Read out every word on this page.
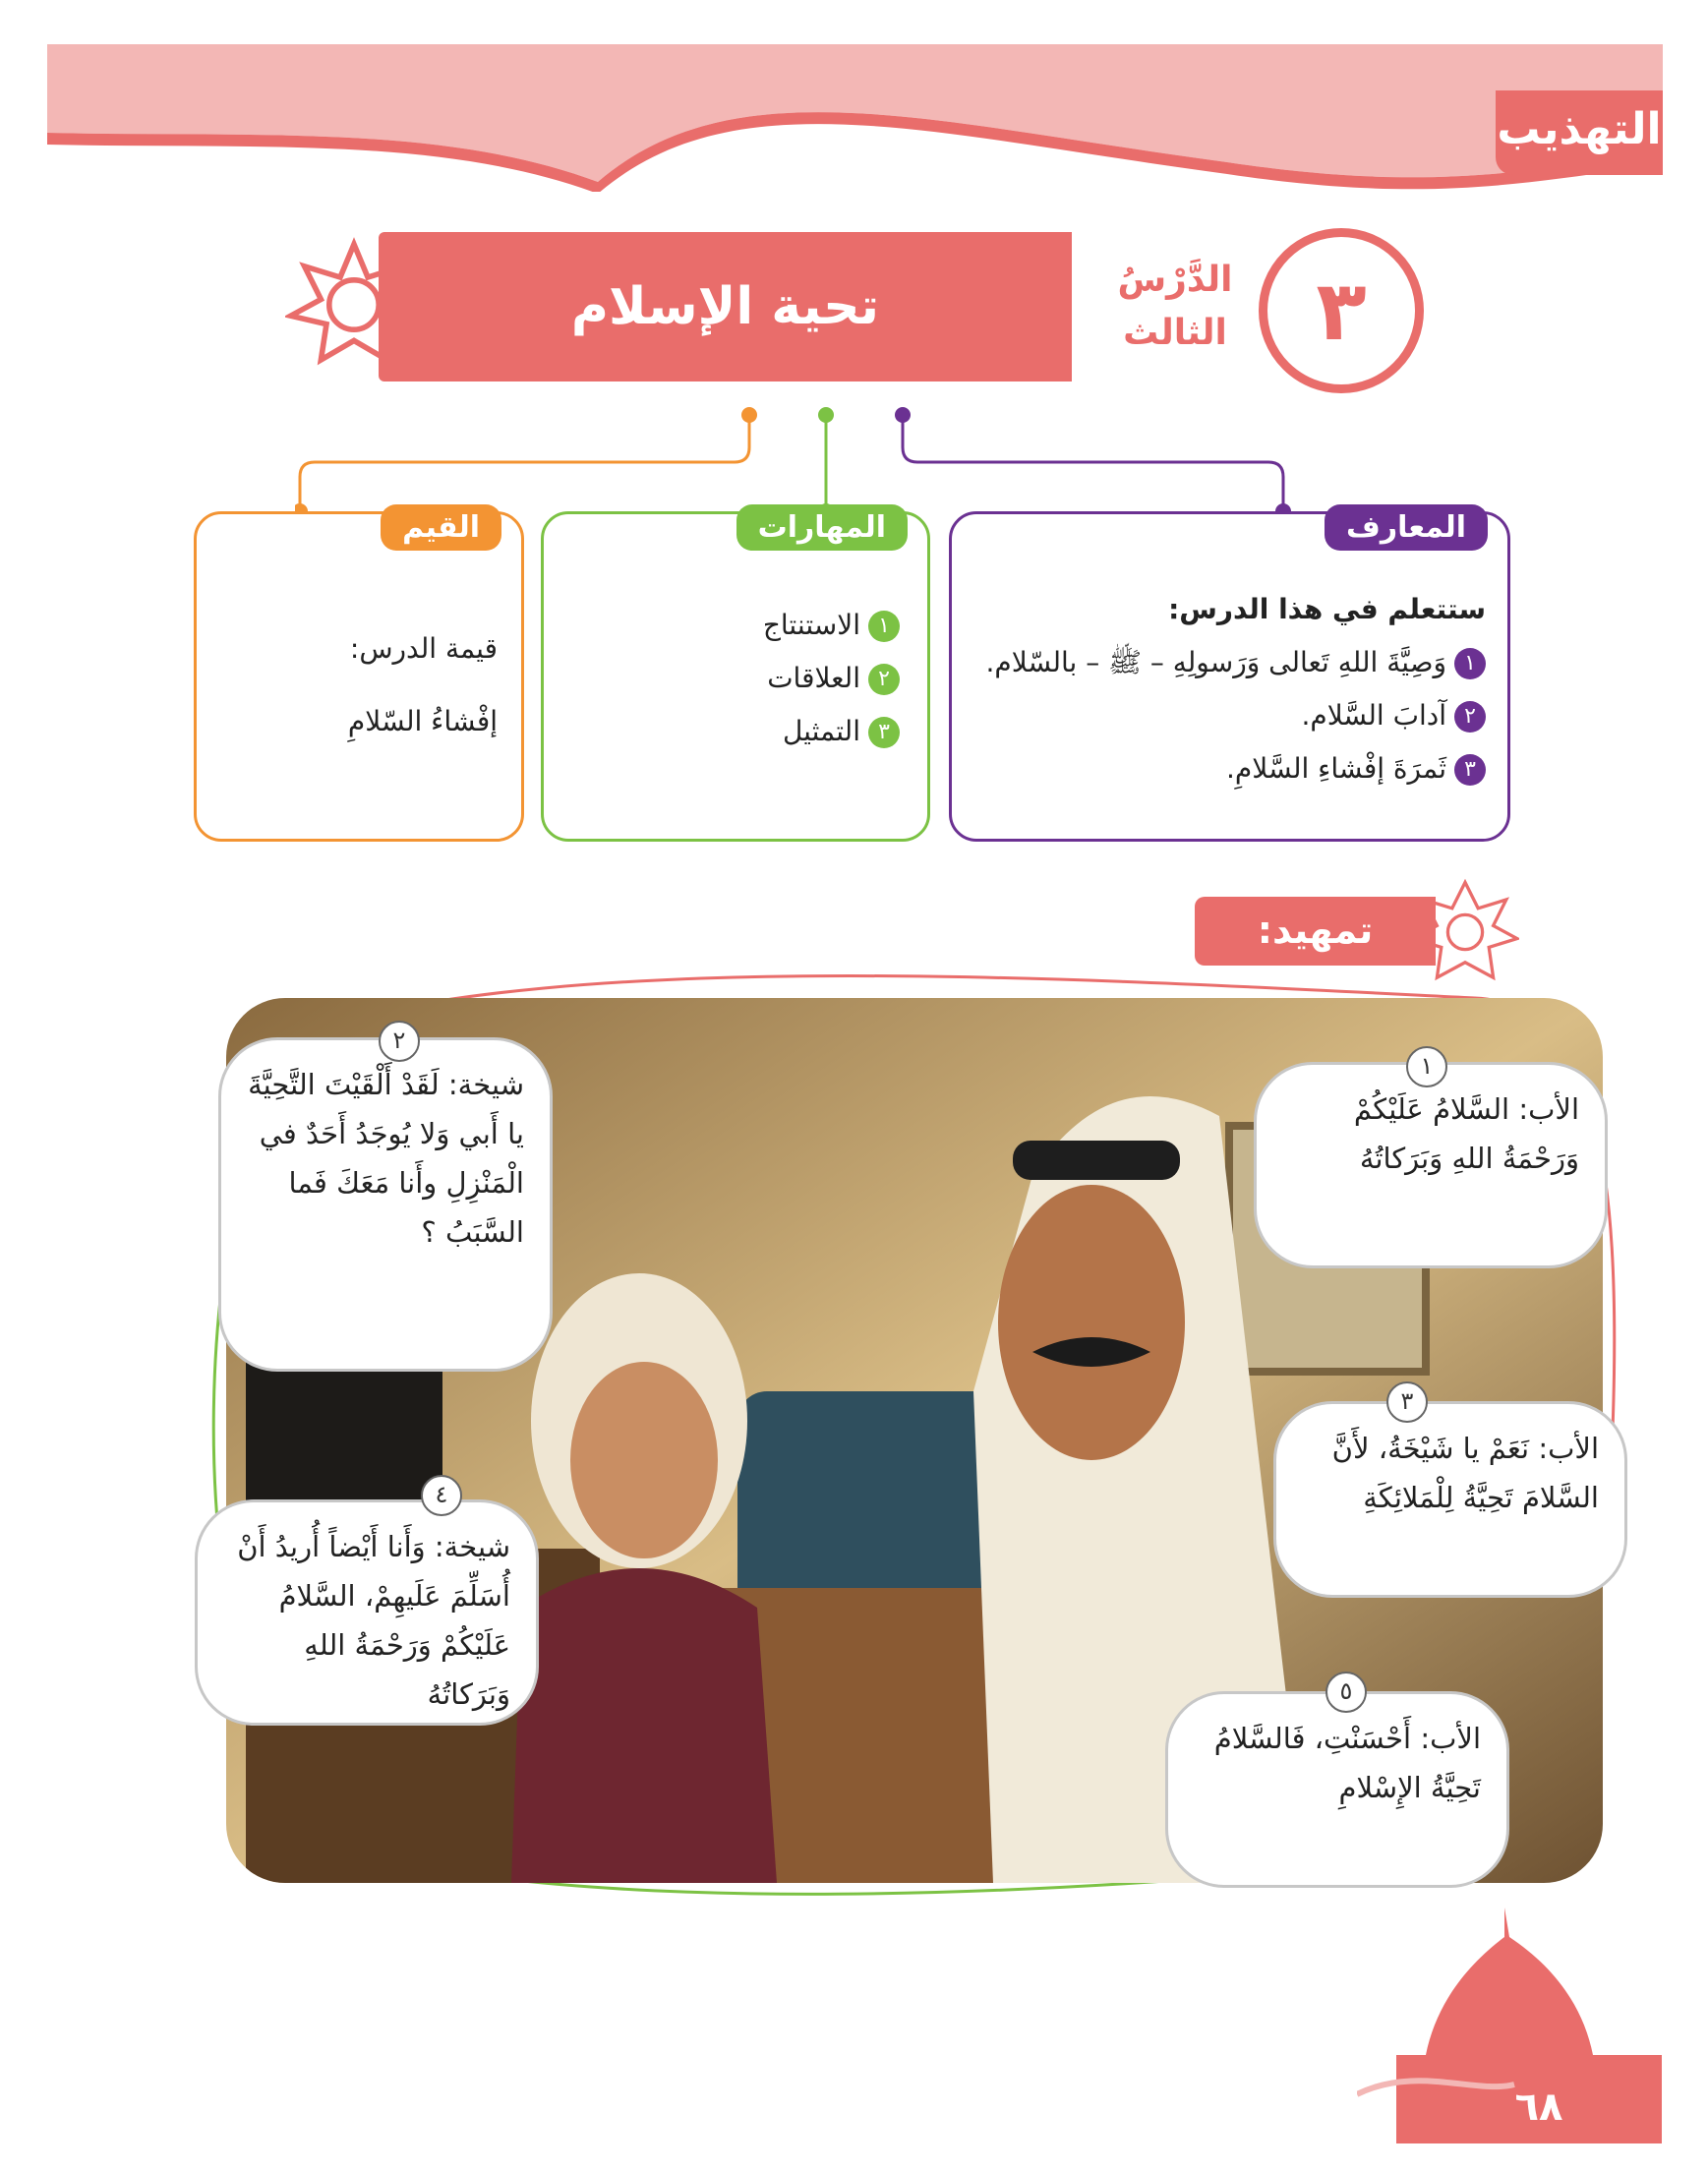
التهذيب
تحية الإسلام	الدَّرْسُ
الثالث	٣
المعارف
ستتعلم في هذا الدرس:
١وَصِيَّةَ اللهِ تَعالى وَرَسولِهِ – ﷺ – بالسّلام.
٢آدابَ السَّلام.
٣ثَمرَةَ إفْشاءِ السَّلامِ.
المهارات
١الاستنتاج
٢العلاقات
٣التمثيل
القيم
قيمة الدرس:
إفْشاءُ السّلامِ
تمهيد:
الأب: السَّلامُ عَلَيْكُمْ وَرَحْمَةُ اللهِ وَبَرَكاتُهُ
١
شيخة: لَقَدْ أَلْقَيْتَ التَّحِيَّةَ يا أَبي وَلا يُوجَدُ أَحَدٌ في الْمَنْزِلِ وأَنا مَعَكَ فَما السَّبَبُ ؟
٢
الأب: نَعَمْ يا شَيْخَةُ، لأَنَّ السَّلامَ تَحِيَّةُ لِلْمَلائِكَةِ
٣
شيخة: وَأَنا أَيْضاً أُريدُ أَنْ أُسَلِّمَ عَلَيهِمْ، السَّلامُ عَلَيْكُمْ وَرَحْمَةُ اللهِ وَبَرَكاتُهُ
٤
الأب: أَحْسَنْتِ، فَالسَّلامُ تَحِيَّةُ الإِسْلامِ
٥
٦٨
